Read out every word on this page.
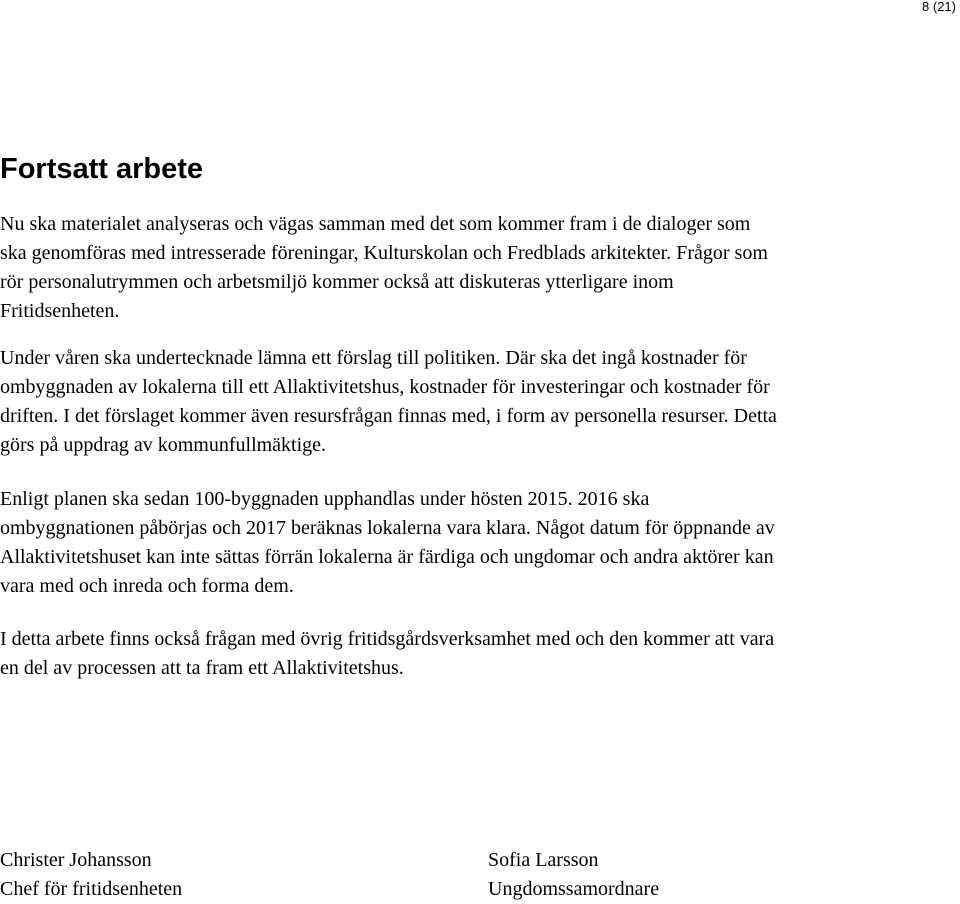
8 (21)
Fortsatt arbete

Nu ska materialet analyseras och vägas samman med det som kommer fram i de dialoger som
ska genomföras med intresserade föreningar, Kulturskolan och Fredblads arkitekter. Frågor som
rör personalutrymmen och arbetsmiljö kommer också att diskuteras ytterligare inom
Fritidsenheten.

Under våren ska undertecknade lämna ett förslag till politiken. Där ska det ingå kostnader för
ombyggnaden av lokalerna till ett Allaktivitetshus, kostnader för investeringar och kostnader för
driften. I det förslaget kommer även resursfrågan finnas med, i form av personella resurser. Detta
görs på uppdrag av kommunfullmäktige.

Enligt planen ska sedan 100-byggnaden upphandlas under hösten 2015. 2016 ska
ombyggnationen påbörjas och 2017 beräknas lokalerna vara klara. Något datum för öppnande av
Allaktivitetshuset kan inte sättas förrän lokalerna är färdiga och ungdomar och andra aktörer kan
vara med och inreda och forma dem.

I detta arbete finns också frågan med övrig fritidsgårdsverksamhet med och den kommer att vara
en del av processen att ta fram ett Allaktivitetshus.

Christer Johansson
Chef för fritidsenheten
Sofia Larsson
Ungdomssamordnare
